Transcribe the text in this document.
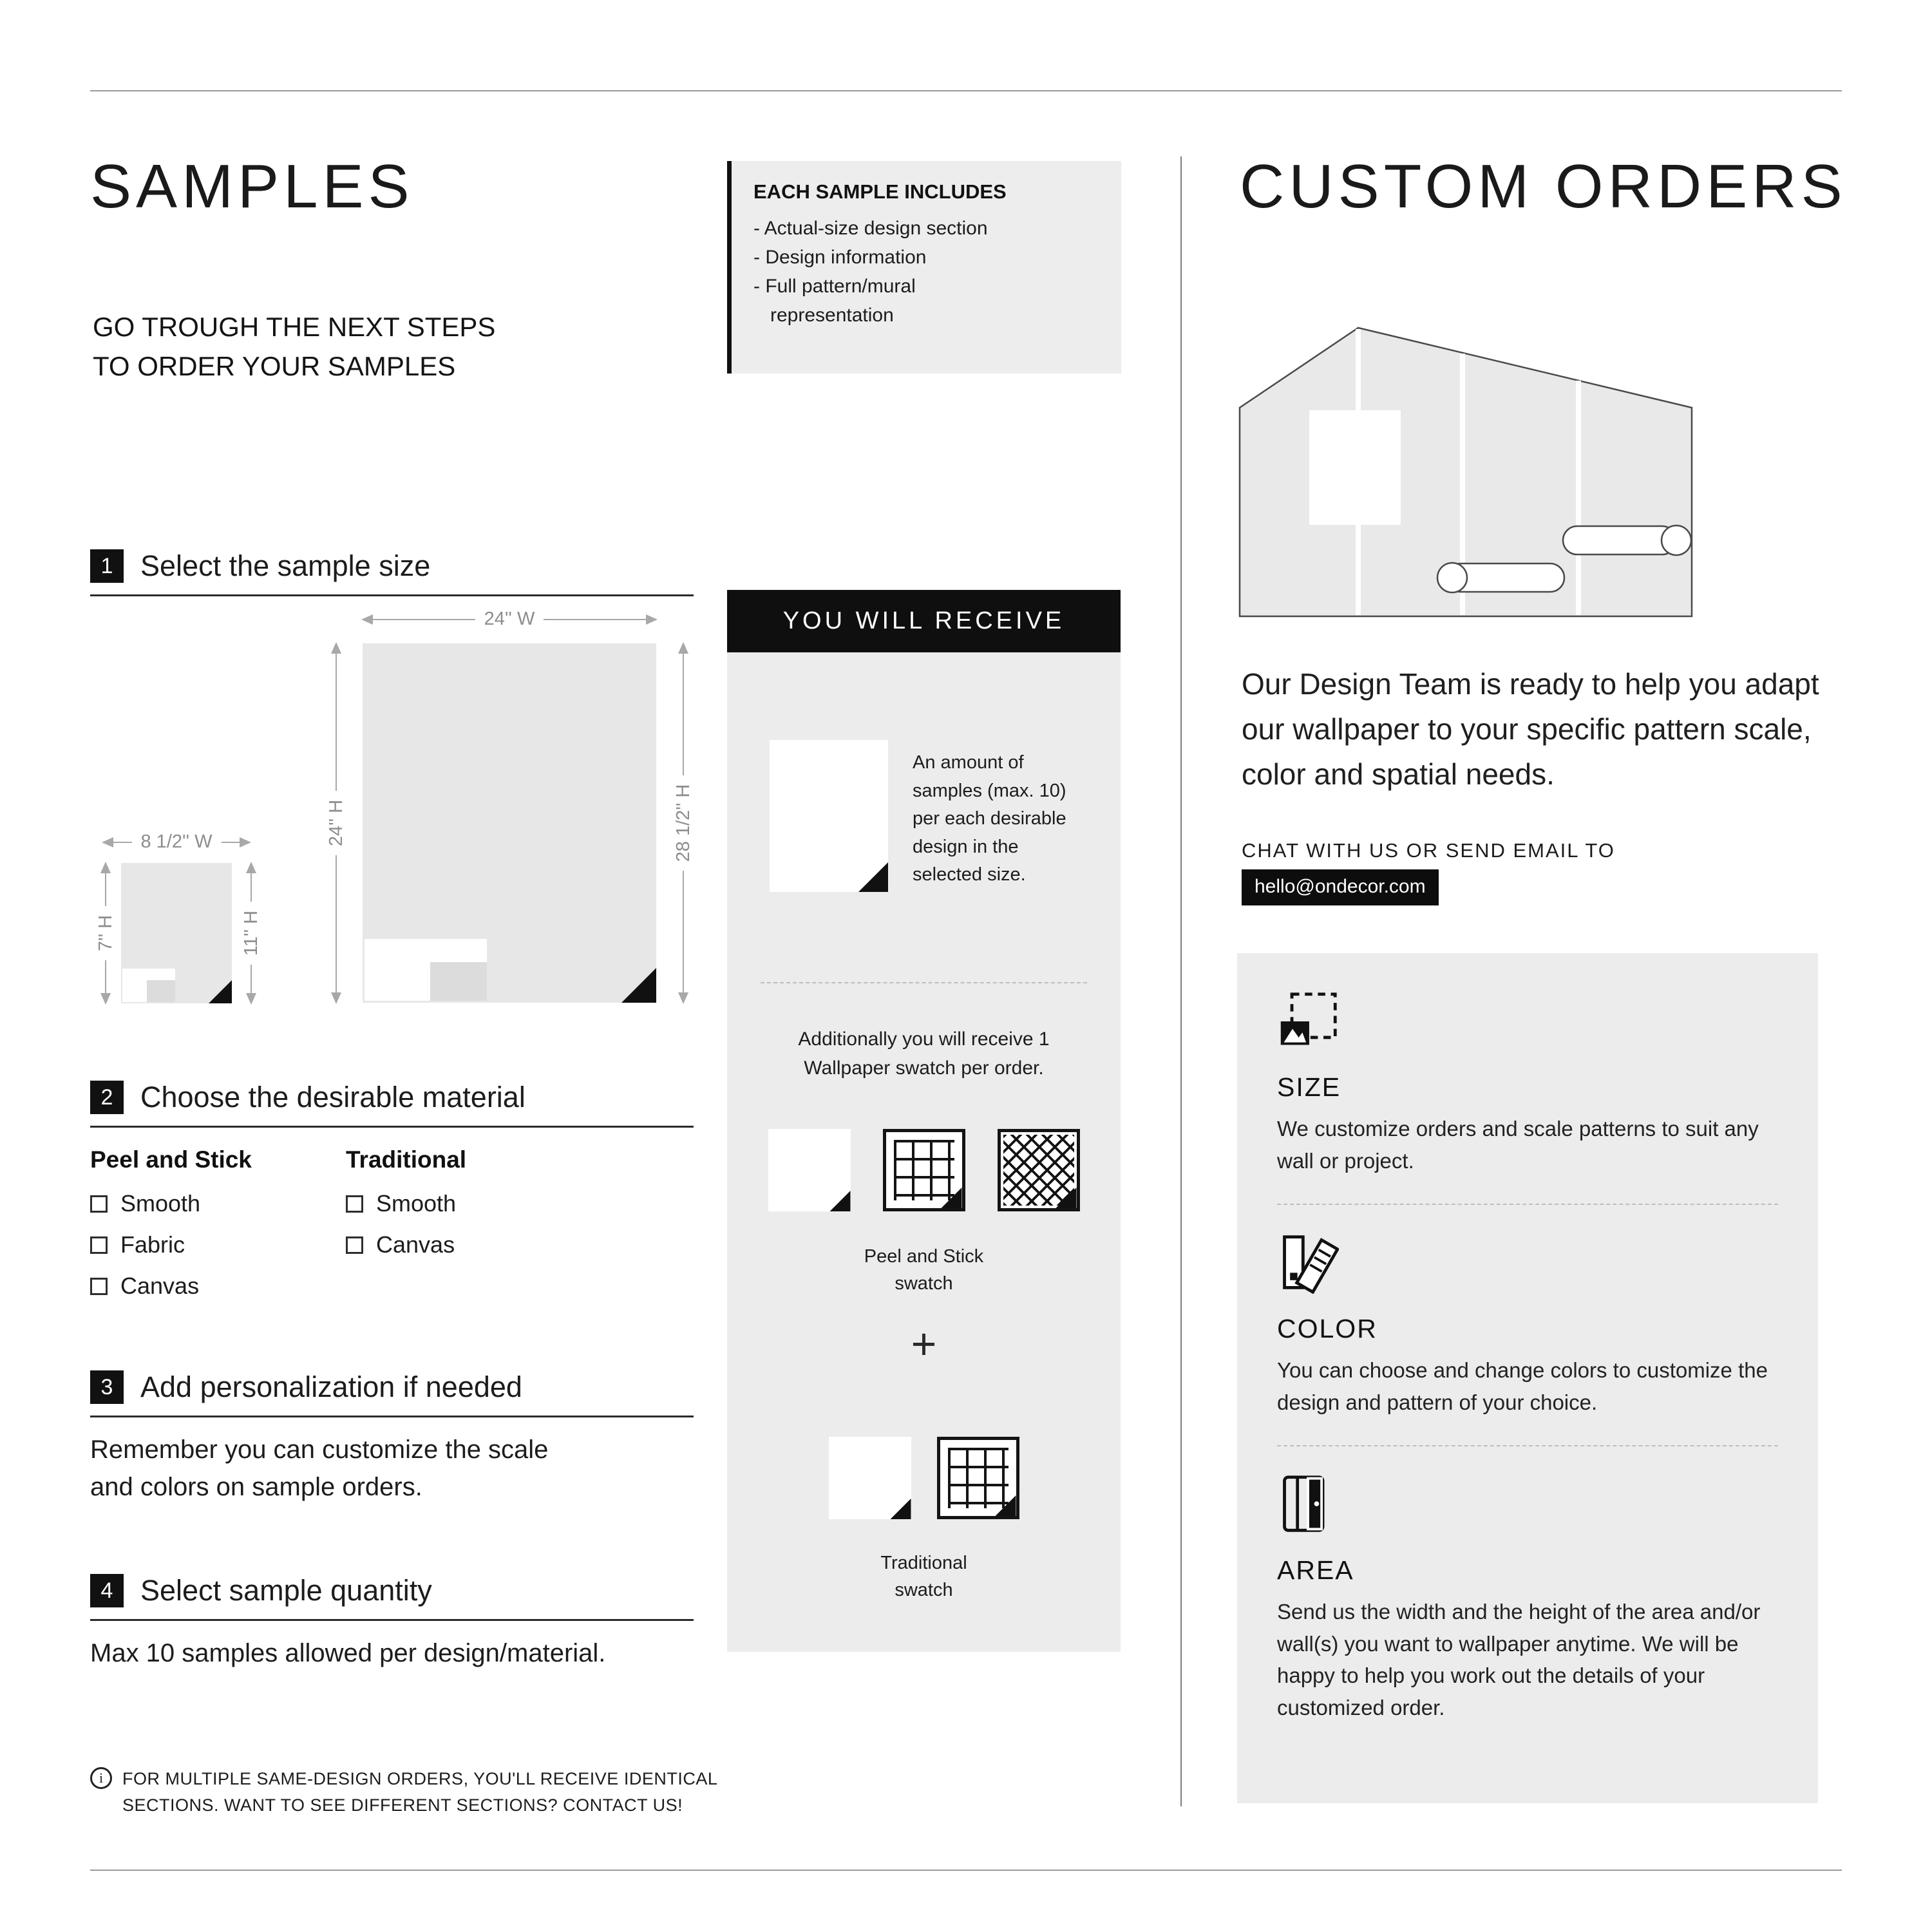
SAMPLES
GO TROUGH THE NEXT STEPS
TO ORDER YOUR SAMPLES
EACH SAMPLE INCLUDES
- Actual-size design section
- Design information
- Full pattern/mural
representation
1 Select the sample size
24'' W
24'' H	28 1/2'' H
8 1/2'' W
7'' H	11'' H
YOU WILL RECEIVE
An amount of samples (max. 10) per each desirable design in the selected size.
Additionally you will receive 1 Wallpaper swatch per order.
Peel and Stick
swatch
+
Traditional
swatch
2 Choose the desirable material
Peel and Stick
Smooth
Fabric
Canvas
Traditional
Smooth
Canvas
3 Add personalization if needed
Remember you can customize the scale and colors on sample orders.
4 Select sample quantity
Max 10 samples allowed per design/material.
i	FOR MULTIPLE SAME-DESIGN ORDERS, YOU'LL RECEIVE IDENTICAL
SECTIONS. WANT TO SEE DIFFERENT SECTIONS? CONTACT US!
CUSTOM ORDERS
Our Design Team is ready to help you adapt our wallpaper to your specific pattern scale, color and spatial needs.
CHAT WITH US OR SEND EMAIL TO
hello@ondecor.com
SIZE
We customize orders and scale patterns to suit any wall or project.
COLOR
You can choose and change colors to customize the design and pattern of your choice.
AREA
Send us the width and the height of the area and/or wall(s) you want to wallpaper anytime. We will be happy to help you work out the details of your customized order.
